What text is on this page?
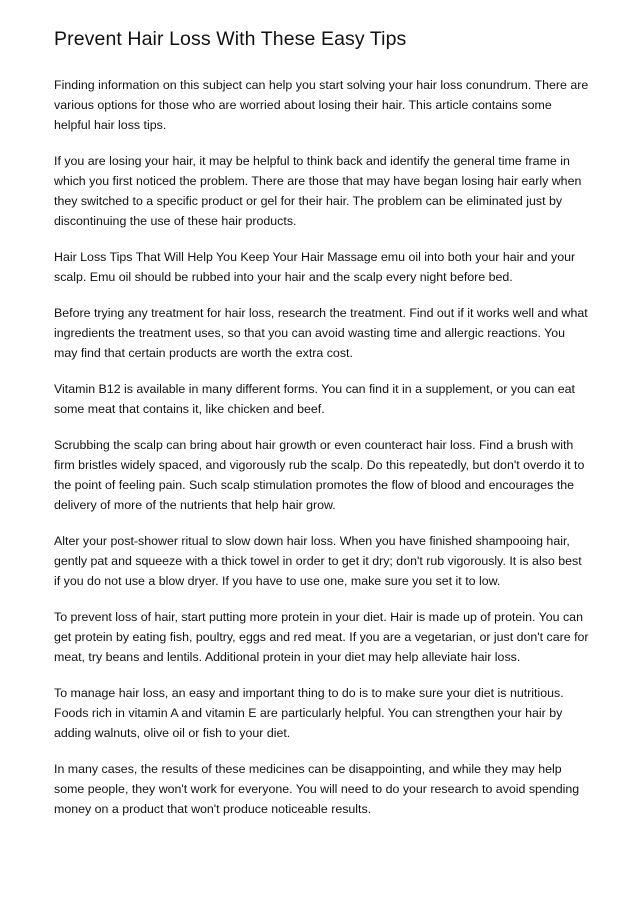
Prevent Hair Loss With These Easy Tips

Finding information on this subject can help you start solving your hair loss conundrum. There are various options for those who are worried about losing their hair. This article contains some helpful hair loss tips.

If you are losing your hair, it may be helpful to think back and identify the general time frame in which you first noticed the problem. There are those that may have began losing hair early when they switched to a specific product or gel for their hair. The problem can be eliminated just by discontinuing the use of these hair products.

Hair Loss Tips That Will Help You Keep Your Hair Massage emu oil into both your hair and your scalp. Emu oil should be rubbed into your hair and the scalp every night before bed.

Before trying any treatment for hair loss, research the treatment. Find out if it works well and what ingredients the treatment uses, so that you can avoid wasting time and allergic reactions. You may find that certain products are worth the extra cost.

Vitamin B12 is available in many different forms. You can find it in a supplement, or you can eat some meat that contains it, like chicken and beef.

Scrubbing the scalp can bring about hair growth or even counteract hair loss. Find a brush with firm bristles widely spaced, and vigorously rub the scalp. Do this repeatedly, but don't overdo it to the point of feeling pain. Such scalp stimulation promotes the flow of blood and encourages the delivery of more of the nutrients that help hair grow.

Alter your post-shower ritual to slow down hair loss. When you have finished shampooing hair, gently pat and squeeze with a thick towel in order to get it dry; don't rub vigorously. It is also best if you do not use a blow dryer. If you have to use one, make sure you set it to low.

To prevent loss of hair, start putting more protein in your diet. Hair is made up of protein. You can get protein by eating fish, poultry, eggs and red meat. If you are a vegetarian, or just don't care for meat, try beans and lentils. Additional protein in your diet may help alleviate hair loss.

To manage hair loss, an easy and important thing to do is to make sure your diet is nutritious. Foods rich in vitamin A and vitamin E are particularly helpful. You can strengthen your hair by adding walnuts, olive oil or fish to your diet.

In many cases, the results of these medicines can be disappointing, and while they may help some people, they won't work for everyone. You will need to do your research to avoid spending money on a product that won't produce noticeable results.
